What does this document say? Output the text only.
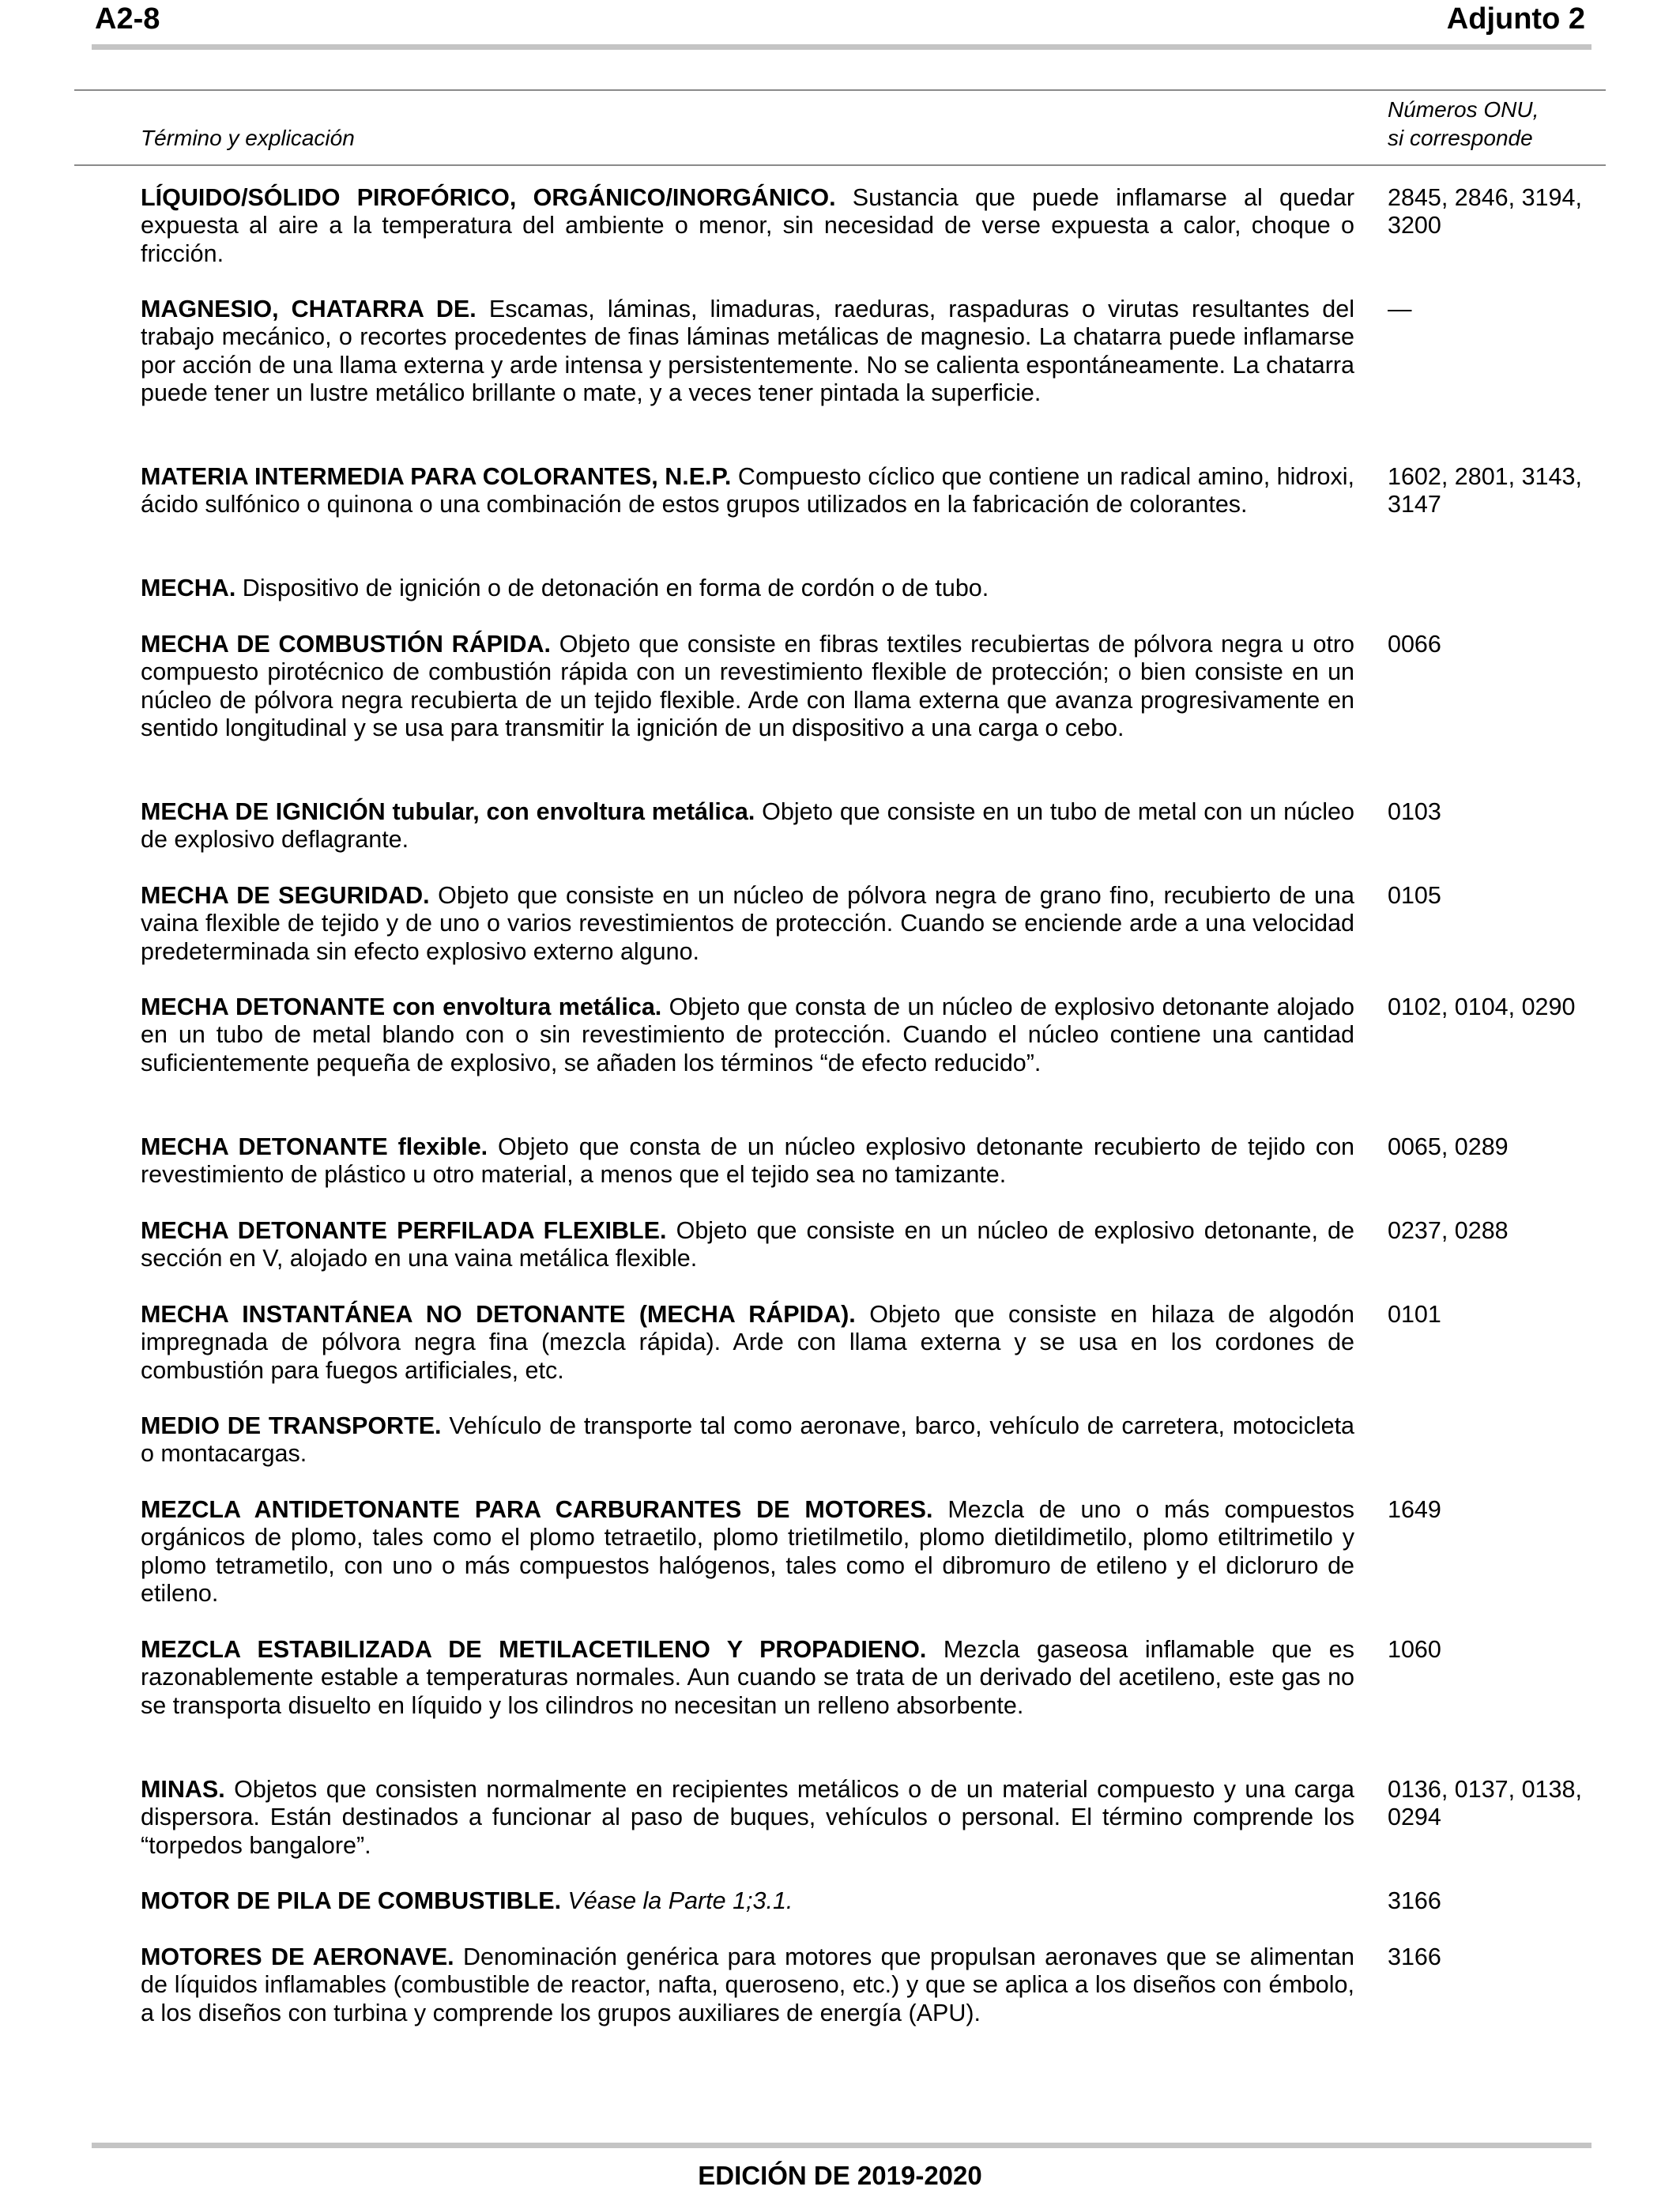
A2-8	Adjunto 2
Término y explicación
Números ONU,
si corresponde
LÍQUIDO/SÓLIDO PIROFÓRICO, ORGÁNICO/INORGÁNICO. Sustancia que puede inflamarse al quedar expuesta al aire a la temperatura del ambiente o menor, sin necesidad de verse expuesta a calor, choque o fricción.
2845, 2846, 3194, 3200
MAGNESIO, CHATARRA DE. Escamas, láminas, limaduras, raeduras, raspaduras o virutas resultantes del trabajo mecánico, o recortes procedentes de finas láminas metálicas de magnesio. La chatarra puede inflamarse por acción de una llama externa y arde intensa y persistentemente. No se calienta espontáneamente. La chatarra puede tener un lustre metálico brillante o mate, y a veces tener pintada la superficie.
—
MATERIA INTERMEDIA PARA COLORANTES, N.E.P. Compuesto cíclico que contiene un radical amino, hidroxi, ácido sulfónico o quinona o una combinación de estos grupos utilizados en la fabricación de colorantes.
1602, 2801, 3143, 3147
MECHA. Dispositivo de ignición o de detonación en forma de cordón o de tubo.
MECHA DE COMBUSTIÓN RÁPIDA. Objeto que consiste en fibras textiles recubiertas de pólvora negra u otro compuesto pirotécnico de combustión rápida con un revestimiento flexible de protección; o bien consiste en un núcleo de pólvora negra recubierta de un tejido flexible. Arde con llama externa que avanza progresivamente en sentido longitudinal y se usa para transmitir la ignición de un dispositivo a una carga o cebo.
0066
MECHA DE IGNICIÓN tubular, con envoltura metálica. Objeto que consiste en un tubo de metal con un núcleo de explosivo deflagrante.
0103
MECHA DE SEGURIDAD. Objeto que consiste en un núcleo de pólvora negra de grano fino, recubierto de una vaina flexible de tejido y de uno o varios revestimientos de protección. Cuando se enciende arde a una velocidad predeterminada sin efecto explosivo externo alguno.
0105
MECHA DETONANTE con envoltura metálica. Objeto que consta de un núcleo de explosivo detonante alojado en un tubo de metal blando con o sin revestimiento de protección. Cuando el núcleo contiene una cantidad suficientemente pequeña de explosivo, se añaden los términos “de efecto reducido”.
0102, 0104, 0290
MECHA DETONANTE flexible. Objeto que consta de un núcleo explosivo detonante recubierto de tejido con revestimiento de plástico u otro material, a menos que el tejido sea no tamizante.
0065, 0289
MECHA DETONANTE PERFILADA FLEXIBLE. Objeto que consiste en un núcleo de explosivo detonante, de sección en V, alojado en una vaina metálica flexible.
0237, 0288
MECHA INSTANTÁNEA NO DETONANTE (MECHA RÁPIDA). Objeto que consiste en hilaza de algodón impregnada de pólvora negra fina (mezcla rápida). Arde con llama externa y se usa en los cordones de combustión para fuegos artificiales, etc.
0101
MEDIO DE TRANSPORTE. Vehículo de transporte tal como aeronave, barco, vehículo de carretera, motocicleta o montacargas.
MEZCLA ANTIDETONANTE PARA CARBURANTES DE MOTORES. Mezcla de uno o más compuestos orgánicos de plomo, tales como el plomo tetraetilo, plomo trietilmetilo, plomo dietildimetilo, plomo etiltrimetilo y plomo tetrametilo, con uno o más compuestos halógenos, tales como el dibromuro de etileno y el dicloruro de etileno.
1649
MEZCLA ESTABILIZADA DE METILACETILENO Y PROPADIENO. Mezcla gaseosa inflamable que es razonablemente estable a temperaturas normales. Aun cuando se trata de un derivado del acetileno, este gas no se transporta disuelto en líquido y los cilindros no necesitan un relleno absorbente.
1060
MINAS. Objetos que consisten normalmente en recipientes metálicos o de un material compuesto y una carga dispersora. Están destinados a funcionar al paso de buques, vehículos o personal. El término comprende los “torpedos bangalore”.
0136, 0137, 0138, 0294
MOTOR DE PILA DE COMBUSTIBLE. Véase la Parte 1;3.1.	3166
MOTORES DE AERONAVE. Denominación genérica para motores que propulsan aeronaves que se alimentan de líquidos inflamables (combustible de reactor, nafta, queroseno, etc.) y que se aplica a los diseños con émbolo, a los diseños con turbina y comprende los grupos auxiliares de energía (APU).
3166
EDICIÓN DE 2019-2020
